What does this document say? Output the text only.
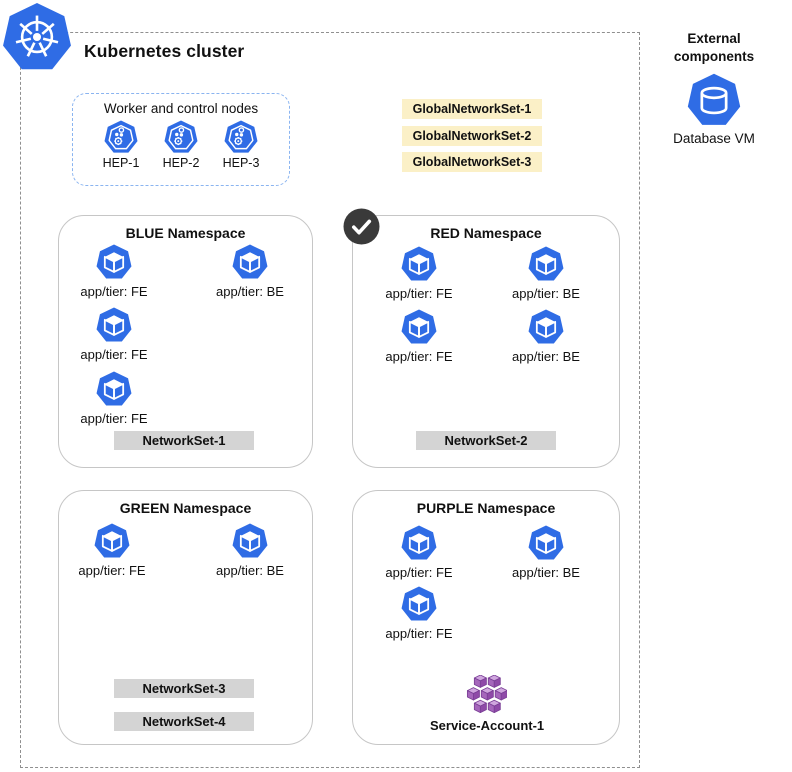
Kubernetes cluster
Worker and control nodes
HEP-1	HEP-2	HEP-3
GlobalNetworkSet-1
GlobalNetworkSet-2
GlobalNetworkSet-3
BLUE Namespace
app/tier: FE	app/tier: BE
app/tier: FE
app/tier: FE
NetworkSet-1
RED Namespace
app/tier: FE	app/tier: BE
app/tier: FE	app/tier: BE
NetworkSet-2
GREEN Namespace
app/tier: FE	app/tier: BE
NetworkSet-3
NetworkSet-4
PURPLE Namespace
app/tier: FE	app/tier: BE
app/tier: FE
Service-Account-1
External components
Database VM
